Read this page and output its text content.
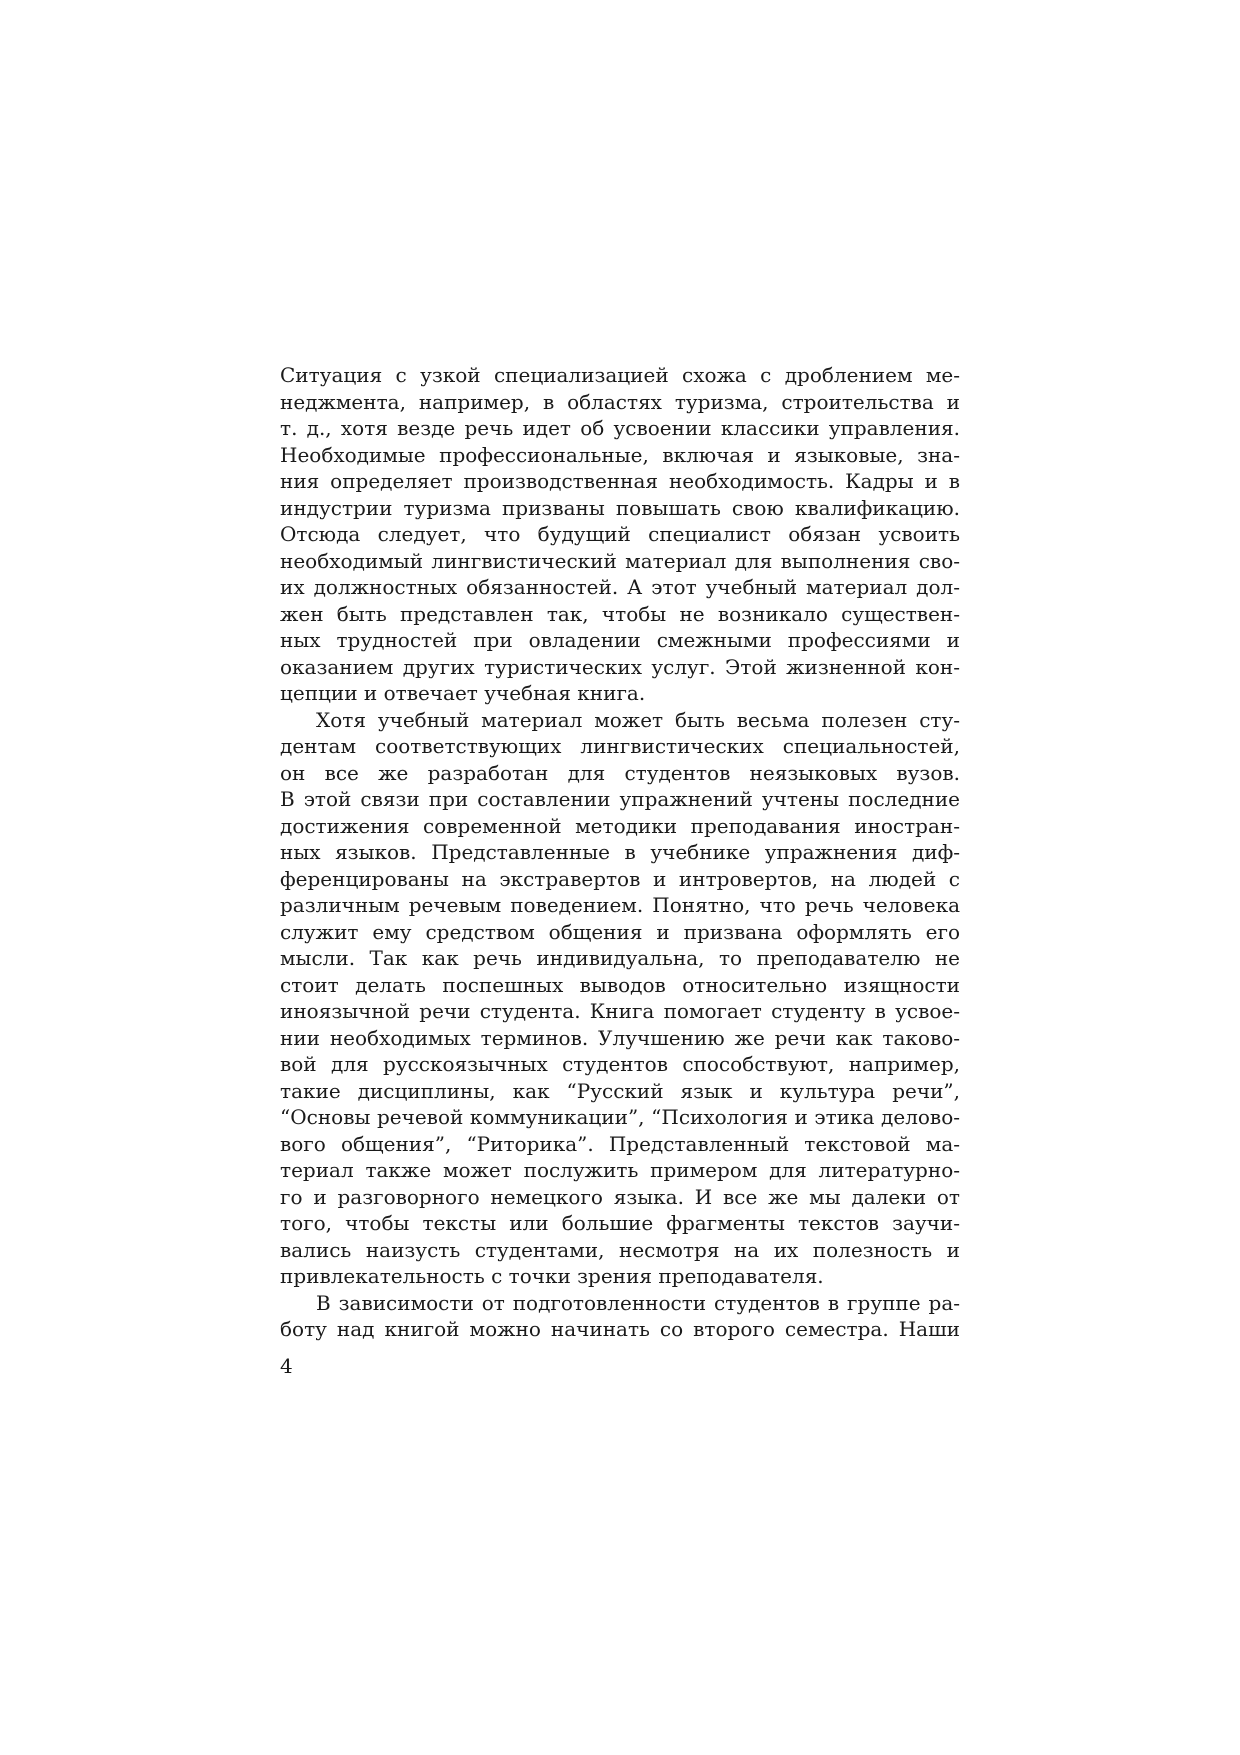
Ситуация с узкой специализацией схожа с дроблением ме-
неджмента, например, в областях туризма, строительства и
т. д., хотя везде речь идет об усвоении классики управления.
Необходимые профессиональные, включая и языковые, зна-
ния определяет производственная необходимость. Кадры и в
индустрии туризма призваны повышать свою квалификацию.
Отсюда следует, что будущий специалист обязан усвоить
необходимый лингвистический материал для выполнения сво-
их должностных обязанностей. А этот учебный материал дол-
жен быть представлен так, чтобы не возникало существен-
ных трудностей при овладении смежными профессиями и
оказанием других туристических услуг. Этой жизненной кон-
цепции и отвечает учебная книга.
Хотя учебный материал может быть весьма полезен сту-
дентам соответствующих лингвистических специальностей,
он все же разработан для студентов неязыковых вузов.
В этой связи при составлении упражнений учтены последние
достижения современной методики преподавания иностран-
ных языков. Представленные в учебнике упражнения диф-
ференцированы на экстравертов и интровертов, на людей с
различным речевым поведением. Понятно, что речь человека
служит ему средством общения и призвана оформлять его
мысли. Так как речь индивидуальна, то преподавателю не
стоит делать поспешных выводов относительно изящности
иноязычной речи студента. Книга помогает студенту в усвое-
нии необходимых терминов. Улучшению же речи как таково-
вой для русскоязычных студентов способствуют, например,
такие дисциплины, как “Русский язык и культура речи”,
“Основы речевой коммуникации”, “Психология и этика делово-
вого общения”, “Риторика”. Представленный текстовой ма-
териал также может послужить примером для литературно-
го и разговорного немецкого языка. И все же мы далеки от
того, чтобы тексты или большие фрагменты текстов заучи-
вались наизусть студентами, несмотря на их полезность и
привлекательность с точки зрения преподавателя.
В зависимости от подготовленности студентов в группе ра-
боту над книгой можно начинать со второго семестра. Наши
4
